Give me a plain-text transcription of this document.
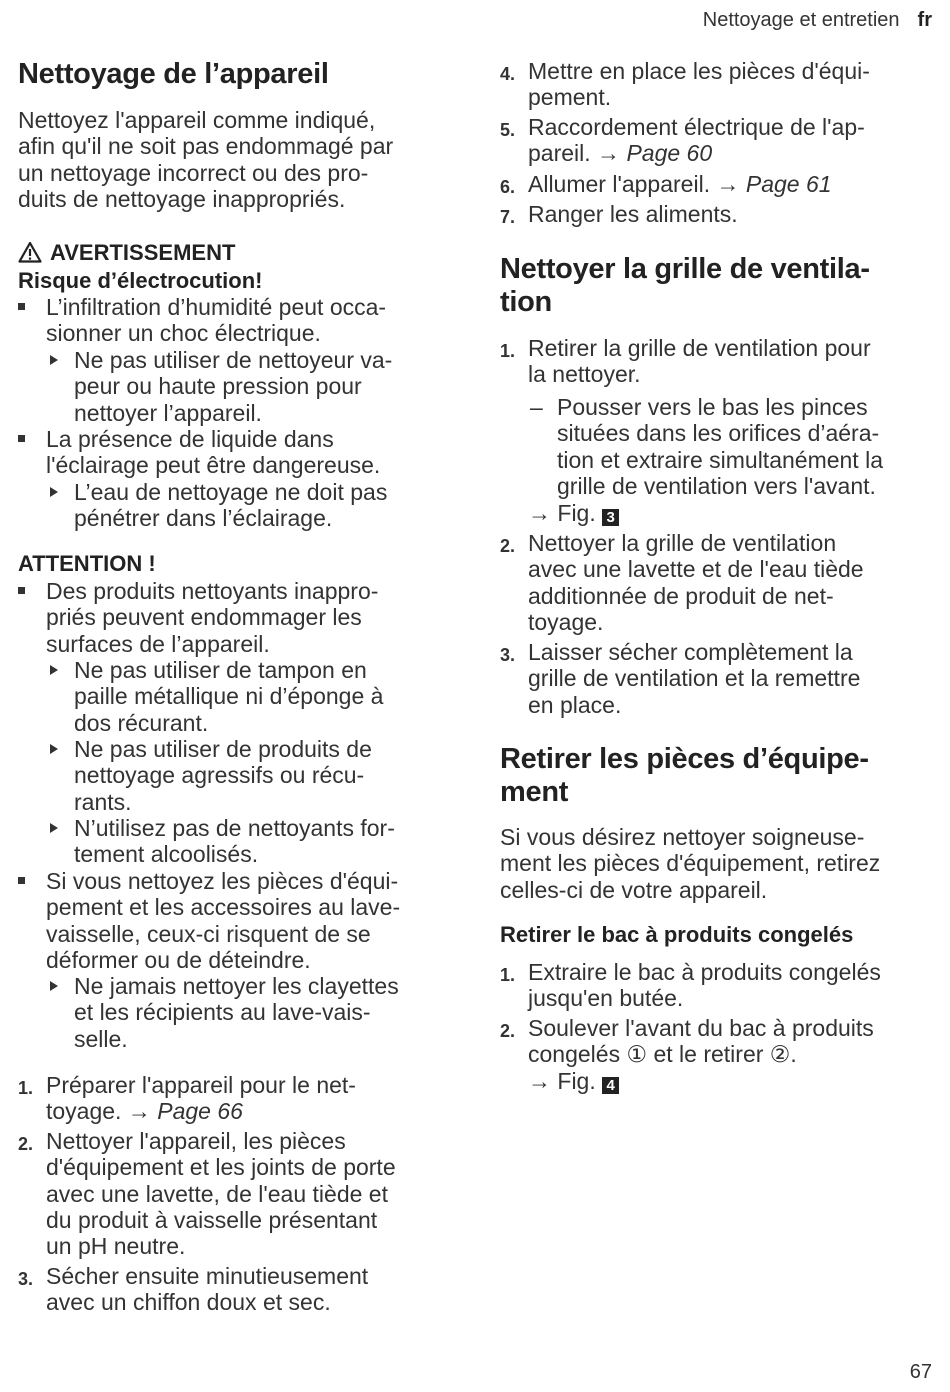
Nettoyage et entretien fr
Nettoyage de l’appareil

Nettoyez l'appareil comme indiqué,

afin qu'il ne soit pas endommagé par

un nettoyage incorrect ou des pro-

duits de nettoyage inappropriés.

AVERTISSEMENT
Risque d’électrocution!
L’infiltration d’humidité peut occa-
sionner un choc électrique.
Ne pas utiliser de nettoyeur va-
peur ou haute pression pour
nettoyer l’appareil.
La présence de liquide dans
l'éclairage peut être dangereuse.
L’eau de nettoyage ne doit pas
pénétrer dans l’éclairage.
ATTENTION !
Des produits nettoyants inappro-
priés peuvent endommager les
surfaces de l’appareil.
Ne pas utiliser de tampon en
paille métallique ni d’éponge à
dos récurant.
Ne pas utiliser de produits de
nettoyage agressifs ou récu-
rants.
N’utilisez pas de nettoyants for-
tement alcoolisés.
Si vous nettoyez les pièces d'équi-
pement et les accessoires au lave-
vaisselle, ceux-ci risquent de se
déformer ou de déteindre.
Ne jamais nettoyer les clayettes
et les récipients au lave-vais-
selle.
1. Préparer l'appareil pour le net-
toyage. → Page 66
2. Nettoyer l'appareil, les pièces
d'équipement et les joints de porte
avec une lavette, de l'eau tiède et
du produit à vaisselle présentant
un pH neutre.
3. Sécher ensuite minutieusement
avec un chiffon doux et sec.
4. Mettre en place les pièces d'équi-
pement.
5. Raccordement électrique de l'ap-
pareil. → Page 60
6. Allumer l'appareil. → Page 61
7. Ranger les aliments.
Nettoyer la grille de ventila-
tion
1. Retirer la grille de ventilation pour
la nettoyer.
– Pousser vers le bas les pinces
situées dans les orifices d’aéra-
tion et extraire simultanément la
grille de ventilation vers l'avant.
→ Fig. 3
2. Nettoyer la grille de ventilation
avec une lavette et de l'eau tiède
additionnée de produit de net-
toyage.
3. Laisser sécher complètement la
grille de ventilation et la remettre
en place.
Retirer les pièces d’équipe-
ment

Si vous désirez nettoyer soigneuse-

ment les pièces d'équipement, retirez

celles-ci de votre appareil.

Retirer le bac à produits congelés
1. Extraire le bac à produits congelés
jusqu'en butée.
2. Soulever l'avant du bac à produits
congelés ① et le retirer ②.
→ Fig. 4
67
